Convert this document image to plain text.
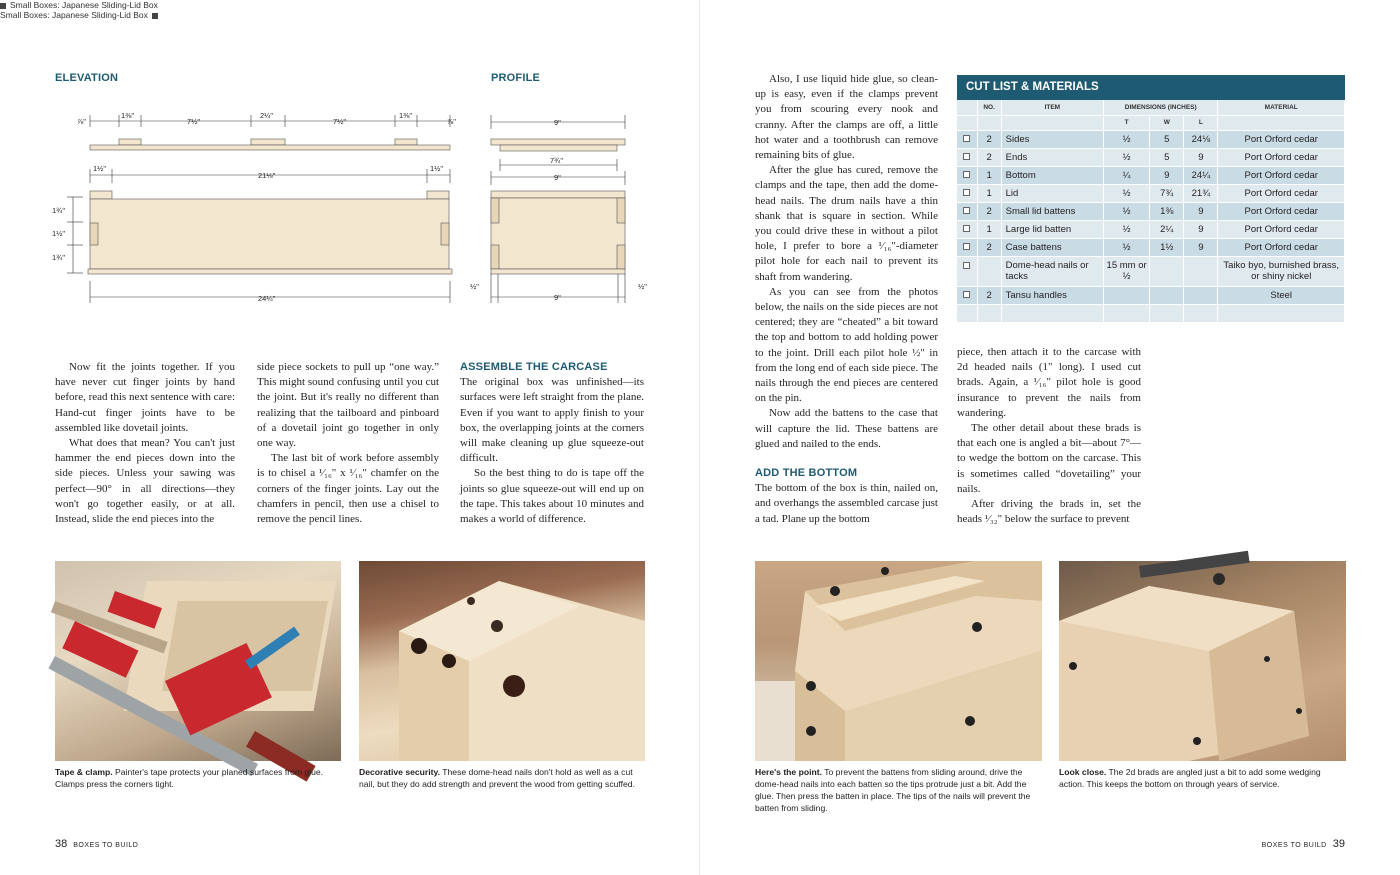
Small Boxes: Japanese Sliding-Lid Box
Small Boxes: Japanese Sliding-Lid Box
ELEVATION	PROFILE
⅞"
1⅜"
7½"
2¼"
7½"
1⅜"
⅞"
1½"
21⅛"
1½"
1¾"
1½"
1¾"
24¼"
9"
7¾"
9"
½"
9"
½"

Now fit the joints together. If you have never cut finger joints by hand before, read this next sentence with care: Hand-cut finger joints have to be assembled like dovetail joints.

What does that mean? You can't just hammer the end pieces down into the side pieces. Unless your sawing was perfect—90° in all directions—they won't go together easily, or at all. Instead, slide the end pieces into the

side piece sockets to pull up “one way.” This might sound confusing until you cut the joint. But it's really no different than realizing that the tailboard and pinboard of a dovetail joint go together in only one way.

The last bit of work before assembly is to chisel a ¹⁄₁₆" x ¹⁄₁₆" chamfer on the corners of the finger joints. Lay out the chamfers in pencil, then use a chisel to remove the pencil lines.

ASSEMBLE THE CARCASE

The original box was unfinished—its surfaces were left straight from the plane. Even if you want to apply finish to your box, the overlapping joints at the corners will make cleaning up glue squeeze-out difficult.

So the best thing to do is tape off the joints so glue squeeze-out will end up on the tape. This takes about 10 minutes and makes a world of difference.

Tape & clamp. Painter's tape protects your planed surfaces from glue. Clamps press the corners tight.
Decorative security. These dome-head nails don't hold as well as a cut nail, but they do add strength and prevent the wood from getting scuffed.
38 BOXES TO BUILD

Also, I use liquid hide glue, so clean-up is easy, even if the clamps prevent you from scouring every nook and cranny. After the clamps are off, a little hot water and a toothbrush can remove remaining bits of glue.

After the glue has cured, remove the clamps and the tape, then add the dome-head nails. The drum nails have a thin shank that is square in section. While you could drive these in without a pilot hole, I prefer to bore a ¹⁄₁₆"-diameter pilot hole for each nail to prevent its shaft from wandering.

As you can see from the photos below, the nails on the side pieces are not centered; they are “cheated” a bit toward the top and bottom to add holding power to the joint. Drill each pilot hole ½" in from the long end of each side piece. The nails through the end pieces are centered on the pin.

Now add the battens to the case that will capture the lid. These battens are glued and nailed to the ends.

ADD THE BOTTOM

The bottom of the box is thin, nailed on, and overhangs the assembled carcase just a tad. Plane up the bottom

piece, then attach it to the carcase with 2d headed nails (1" long). I used cut brads. Again, a ¹⁄₁₆" pilot hole is good insurance to prevent the nails from wandering.

The other detail about these brads is that each one is angled a bit—about 7°—to wedge the bottom on the carcase. This is sometimes called “dovetailing” your nails.

After driving the brads in, set the heads ¹⁄₃₂" below the surface to prevent

CUT LIST & MATERIALS
	NO.	ITEM	DIMENSIONS (INCHES)			MATERIAL
			T	W	L	
	2	Sides	½	5	24⅛	Port Orford cedar
	2	Ends	½	5	9	Port Orford cedar
	1	Bottom	¼	9	24¼	Port Orford cedar
	1	Lid	½	7¾	21¾	Port Orford cedar
	2	Small lid battens	½	1⅜	9	Port Orford cedar
	1	Large lid batten	½	2¼	9	Port Orford cedar
	2	Case battens	½	1½	9	Port Orford cedar
		Dome-head nails or tacks	15 mm or ½			Taiko byo, burnished brass, or shiny nickel
	2	Tansu handles				Steel

Here's the point. To prevent the battens from sliding around, drive the dome-head nails into each batten so the tips protrude just a bit. Add the glue. Then press the batten in place. The tips of the nails will prevent the batten from sliding.
Look close. The 2d brads are angled just a bit to add some wedging action. This keeps the bottom on through years of service.
BOXES TO BUILD 39
